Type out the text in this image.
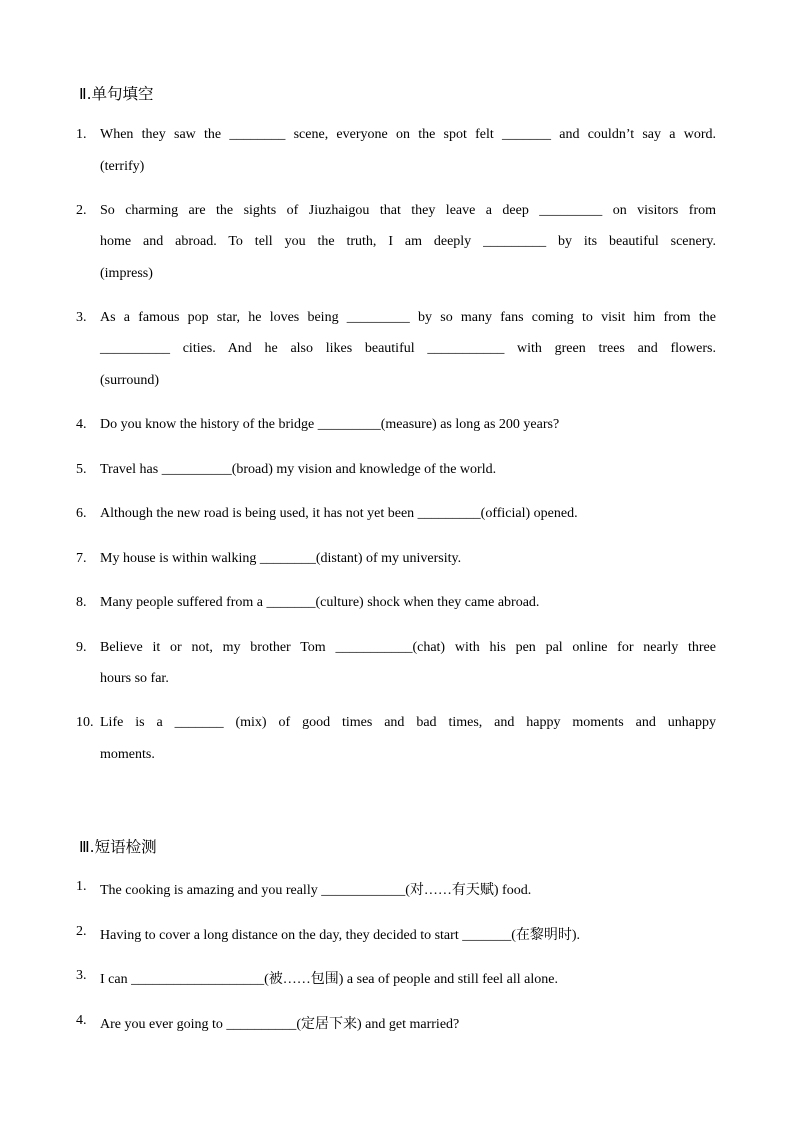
Ⅱ.单句填空
1. When they saw the ________ scene, everyone on the spot felt _______ and couldn’t say a word.
(terrify)
2. So charming are the sights of Jiuzhaigou that they leave a deep _________ on visitors from
home and abroad. To tell you the truth, I am deeply _________ by its beautiful scenery.
(impress)
3. As a famous pop star, he loves being _________ by so many fans coming to visit him from the
__________ cities. And he also likes beautiful ___________ with green trees and flowers.
(surround)
4. Do you know the history of the bridge _________(measure) as long as 200 years?
5. Travel has __________(broad) my vision and knowledge of the world.
6. Although the new road is being used, it has not yet been _________(official) opened.
7. My house is within walking ________(distant) of my university.
8. Many people suffered from a _______(culture) shock when they came abroad.
9. Believe it or not, my brother Tom ___________(chat) with his pen pal online for nearly three
hours so far.
10. Life is a _______ (mix) of good times and bad times, and happy moments and unhappy
moments.
Ⅲ.短语检测
1. The cooking is amazing and you really ____________(对……有天赋) food.
2. Having to cover a long distance on the day, they decided to start _______(在黎明时).
3. I can ___________________(被……包围) a sea of people and still feel all alone.
4. Are you ever going to __________(定居下来) and get married?
